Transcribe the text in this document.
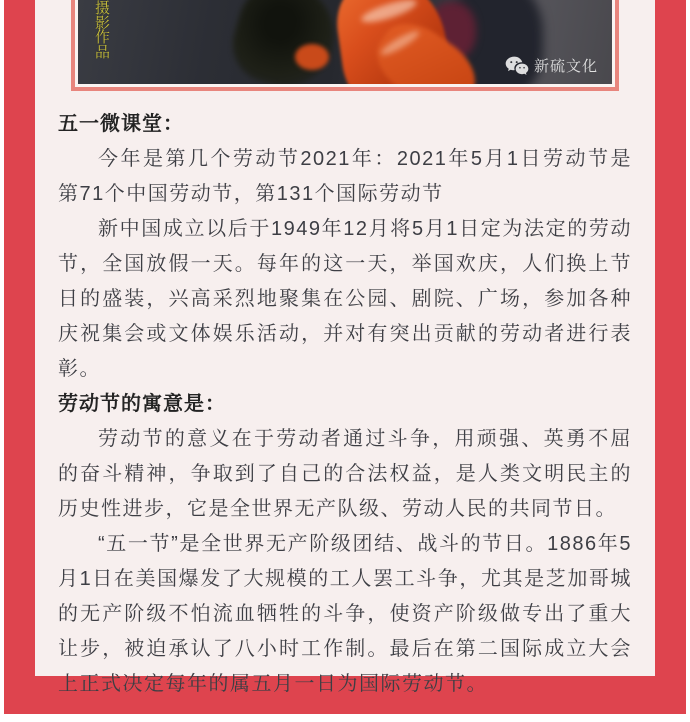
摄影作品
新硫文化

五一微课堂：

今年是第几个劳动节2021年：2021年5月1日劳动节是第71个中国劳动节，第131个国际劳动节

新中国成立以后于1949年12月将5月1日定为法定的劳动节，全国放假一天。每年的这一天，举国欢庆，人们换上节日的盛装，兴高采烈地聚集在公园、剧院、广场，参加各种庆祝集会或文体娱乐活动，并对有突出贡献的劳动者进行表彰。

劳动节的寓意是：

劳动节的意义在于劳动者通过斗争，用顽强、英勇不屈的奋斗精神，争取到了自己的合法权益，是人类文明民主的历史性进步，它是全世界无产队级、劳动人民的共同节日。

“五一节”是全世界无产阶级团结、战斗的节日。1886年5月1日在美国爆发了大规模的工人罢工斗争，尤其是芝加哥城的无产阶级不怕流血牺牲的斗争，使资产阶级做专出了重大让步，被迫承认了八小时工作制。最后在第二国际成立大会上正式决定每年的属五月一日为国际劳动节。
